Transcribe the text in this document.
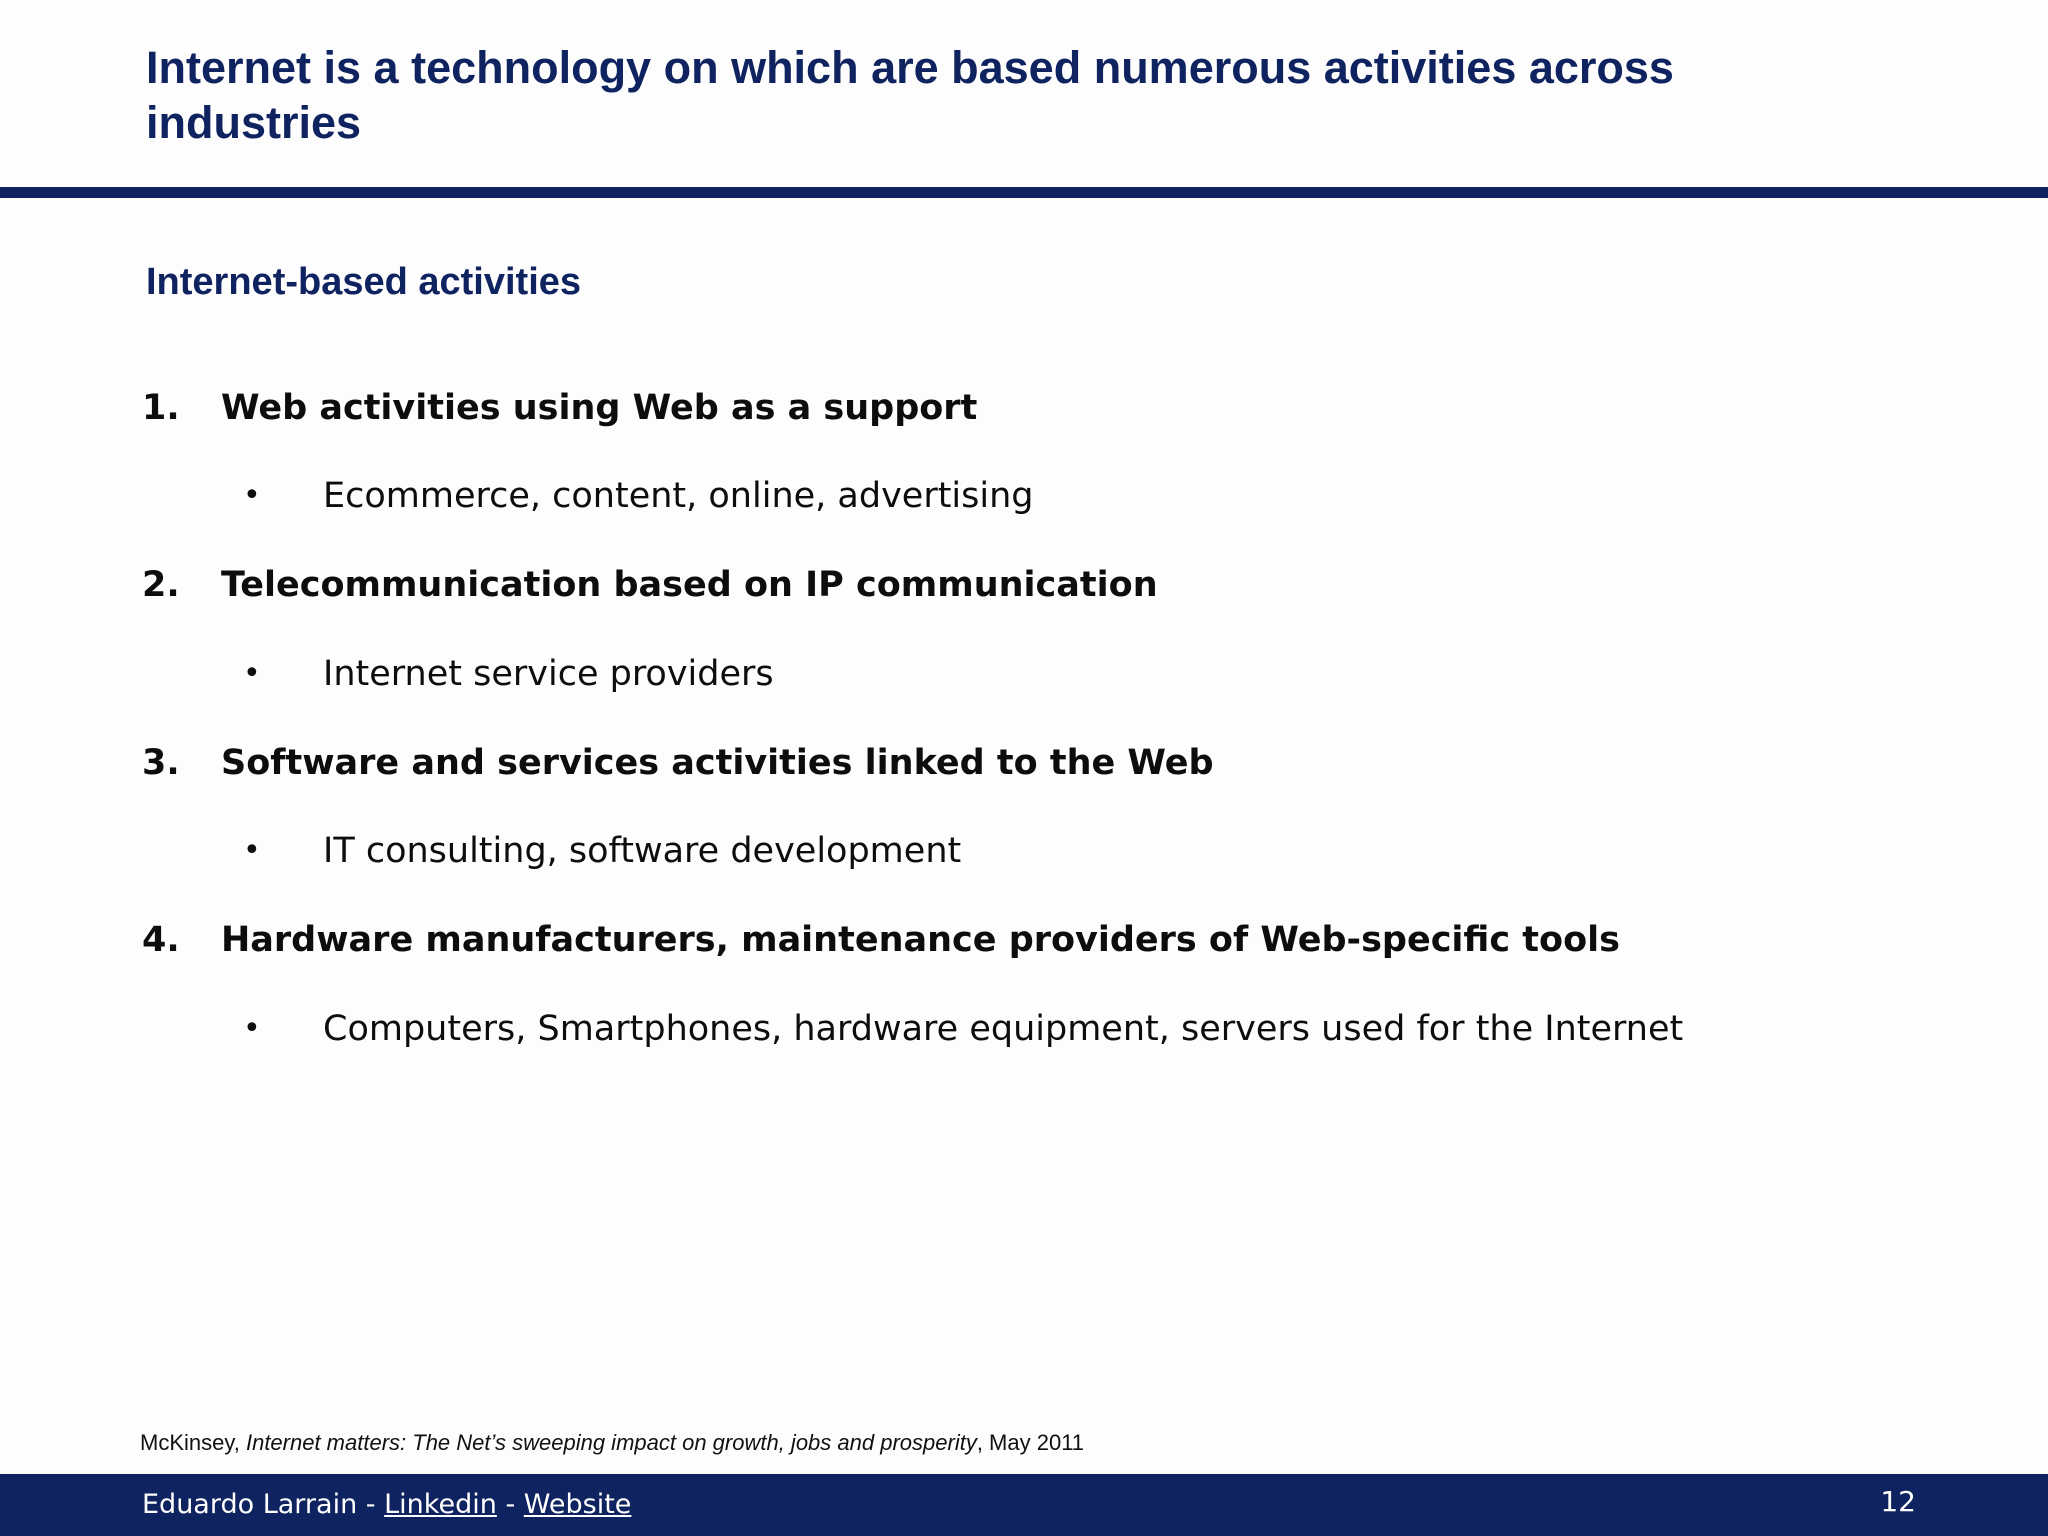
Internet is a technology on which are based numerous activities across industries
Internet-based activities
1. Web activities using Web as a support
• Ecommerce, content, online, advertising
2. Telecommunication based on IP communication
• Internet service providers
3. Software and services activities linked to the Web
• IT consulting, software development
4. Hardware manufacturers, maintenance providers of Web-specific tools
• Computers, Smartphones, hardware equipment, servers used for the Internet
McKinsey, Internet matters: The Net’s sweeping impact on growth, jobs and prosperity, May 2011
Eduardo Larrain - Linkedin - Website	12
